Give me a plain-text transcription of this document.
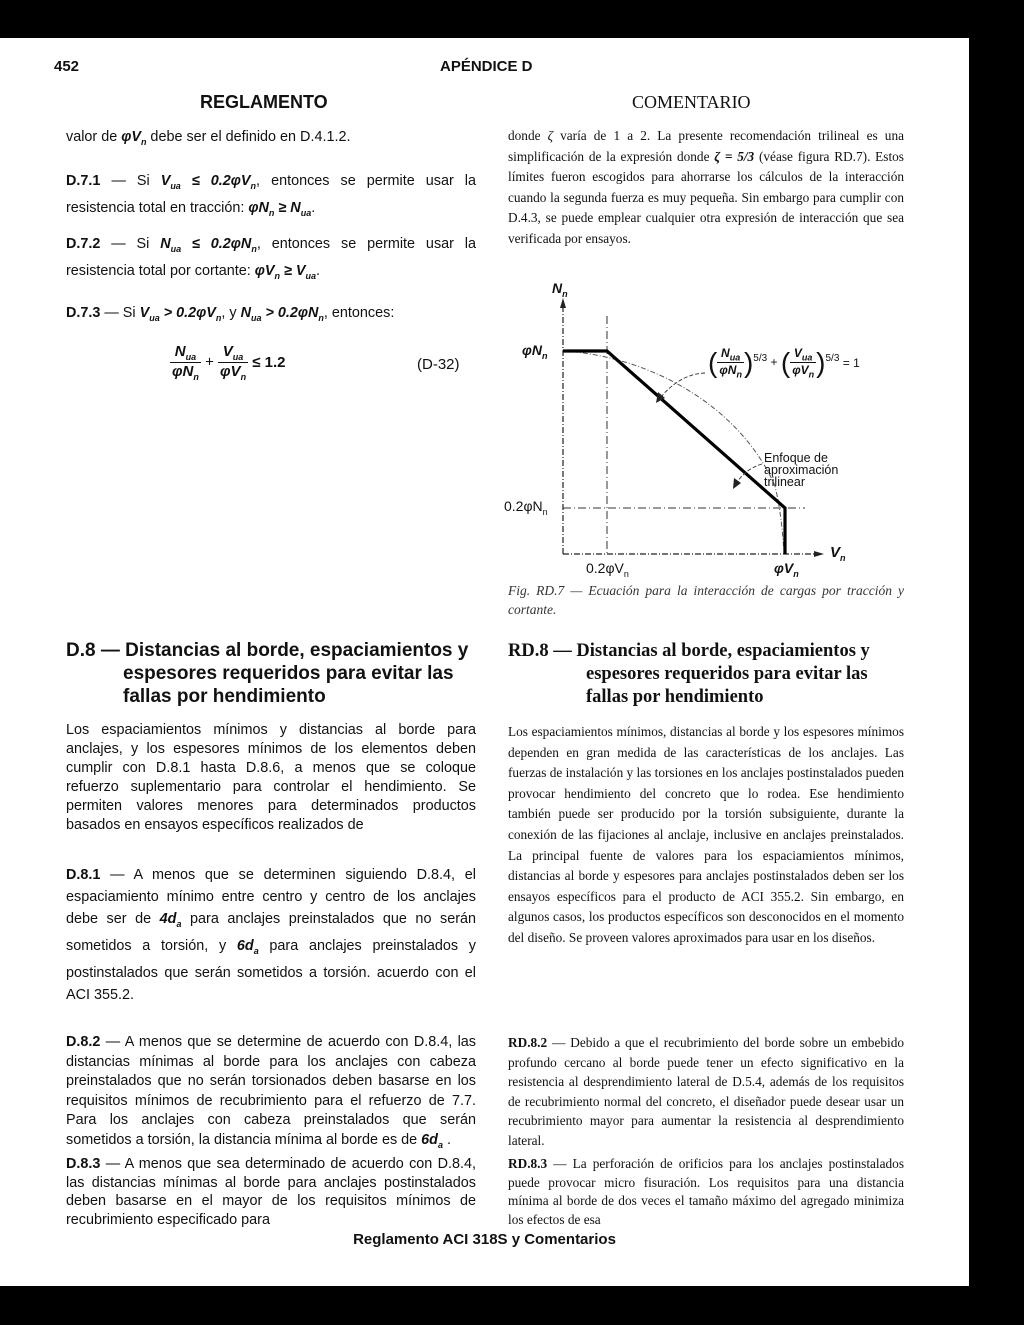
452	APÉNDICE D
REGLAMENTO	COMENTARIO

valor de $\varphi V_n$ debe ser el definido en D.4.1.2.

D.7.1 — Si $V_{ua} \le 0.2\varphi V_n$, entonces se permite usar la resistencia total en tracción: $\varphi N_n \ge N_{ua}$.

D.7.2 — Si $N_{ua} \le 0.2\varphi N_n$, entonces se permite usar la resistencia total por cortante: $\varphi V_n \ge V_{ua}$.

D.7.3 — Si $V_{ua} > 0.2\varphi V_n$, y $N_{ua} > 0.2\varphi N_n$, entonces:

$\frac{N_{ua}}{\varphi N_n} + \frac{V_{ua}}{\varphi V_n} \le 1.2$	(D-32)
D.8 — Distancias al borde, espaciamientos y
espesores requeridos para evitar las
fallas por hendimiento

Los espaciamientos mínimos y distancias al borde para anclajes, y los espesores mínimos de los elementos deben cumplir con D.8.1 hasta D.8.6, a menos que se coloque refuerzo suplementario para controlar el hendimiento. Se permiten valores menores para determinados productos basados en ensayos específicos realizados de

D.8.1 — A menos que se determinen siguiendo D.8.4, el espaciamiento mínimo entre centro y centro de los anclajes debe ser de $4d_a$ para anclajes preinstalados que no serán sometidos a torsión, y $6d_a$ para anclajes preinstalados y postinstalados que serán sometidos a torsión. acuerdo con el ACI 355.2.

D.8.2 — A menos que se determine de acuerdo con D.8.4, las distancias mínimas al borde para los anclajes con cabeza preinstalados que no serán torsionados deben basarse en los requisitos mínimos de recubrimiento para el refuerzo de 7.7. Para los anclajes con cabeza preinstalados que serán sometidos a torsión, la distancia mínima al borde es de $6d_a$ .

D.8.3 — A menos que sea determinado de acuerdo con D.8.4, las distancias mínimas al borde para anclajes postinstalados deben basarse en el mayor de los requisitos mínimos de recubrimiento especificado para

donde ζ varía de 1 a 2. La presente recomendación trilineal es una simplificación de la expresión donde ζ = 5/3 (véase figura RD.7). Estos límites fueron escogidos para ahorrarse los cálculos de la interacción cuando la segunda fuerza es muy pequeña. Sin embargo para cumplir con D.4.3, se puede emplear cualquier otra expresión de interacción que sea verificada por ensayos.

$N_n$
$\varphi N_n$
$0.2\varphi N_n$
$V_n$
$0.2\varphi V_n$	$\varphi V_n$
( $\frac{N_{ua}}{\varphi N_n} )^{5/3}$ + ( $\frac{V_{ua}}{\varphi V_n} )^{5/3} = 1$
Enfoque de
aproximación
trilinear

Fig. RD.7 — Ecuación para la interacción de cargas por tracción y cortante.

RD.8 — Distancias al borde, espaciamientos y
espesores requeridos para evitar las
fallas por hendimiento

Los espaciamientos mínimos, distancias al borde y los espesores mínimos dependen en gran medida de las características de los anclajes. Las fuerzas de instalación y las torsiones en los anclajes postinstalados pueden provocar hendimiento del concreto que lo rodea. Ese hendimiento también puede ser producido por la torsión subsiguiente, durante la conexión de las fijaciones al anclaje, inclusive en anclajes preinstalados. La principal fuente de valores para los espaciamientos mínimos, distancias al borde y espesores para anclajes postinstalados deben ser los ensayos específicos para el producto de ACI 355.2. Sin embargo, en algunos casos, los productos específicos son desconocidos en el momento del diseño. Se proveen valores aproximados para usar en los diseños.

RD.8.2 — Debido a que el recubrimiento del borde sobre un embebido profundo cercano al borde puede tener un efecto significativo en la resistencia al desprendimiento lateral de D.5.4, además de los requisitos de recubrimiento normal del concreto, el diseñador puede desear usar un recubrimiento mayor para aumentar la resistencia al desprendimiento lateral.

RD.8.3 — La perforación de orificios para los anclajes postinstalados puede provocar micro fisuración. Los requisitos para una distancia mínima al borde de dos veces el tamaño máximo del agregado minimiza los efectos de esa

Reglamento ACI 318S y Comentarios
